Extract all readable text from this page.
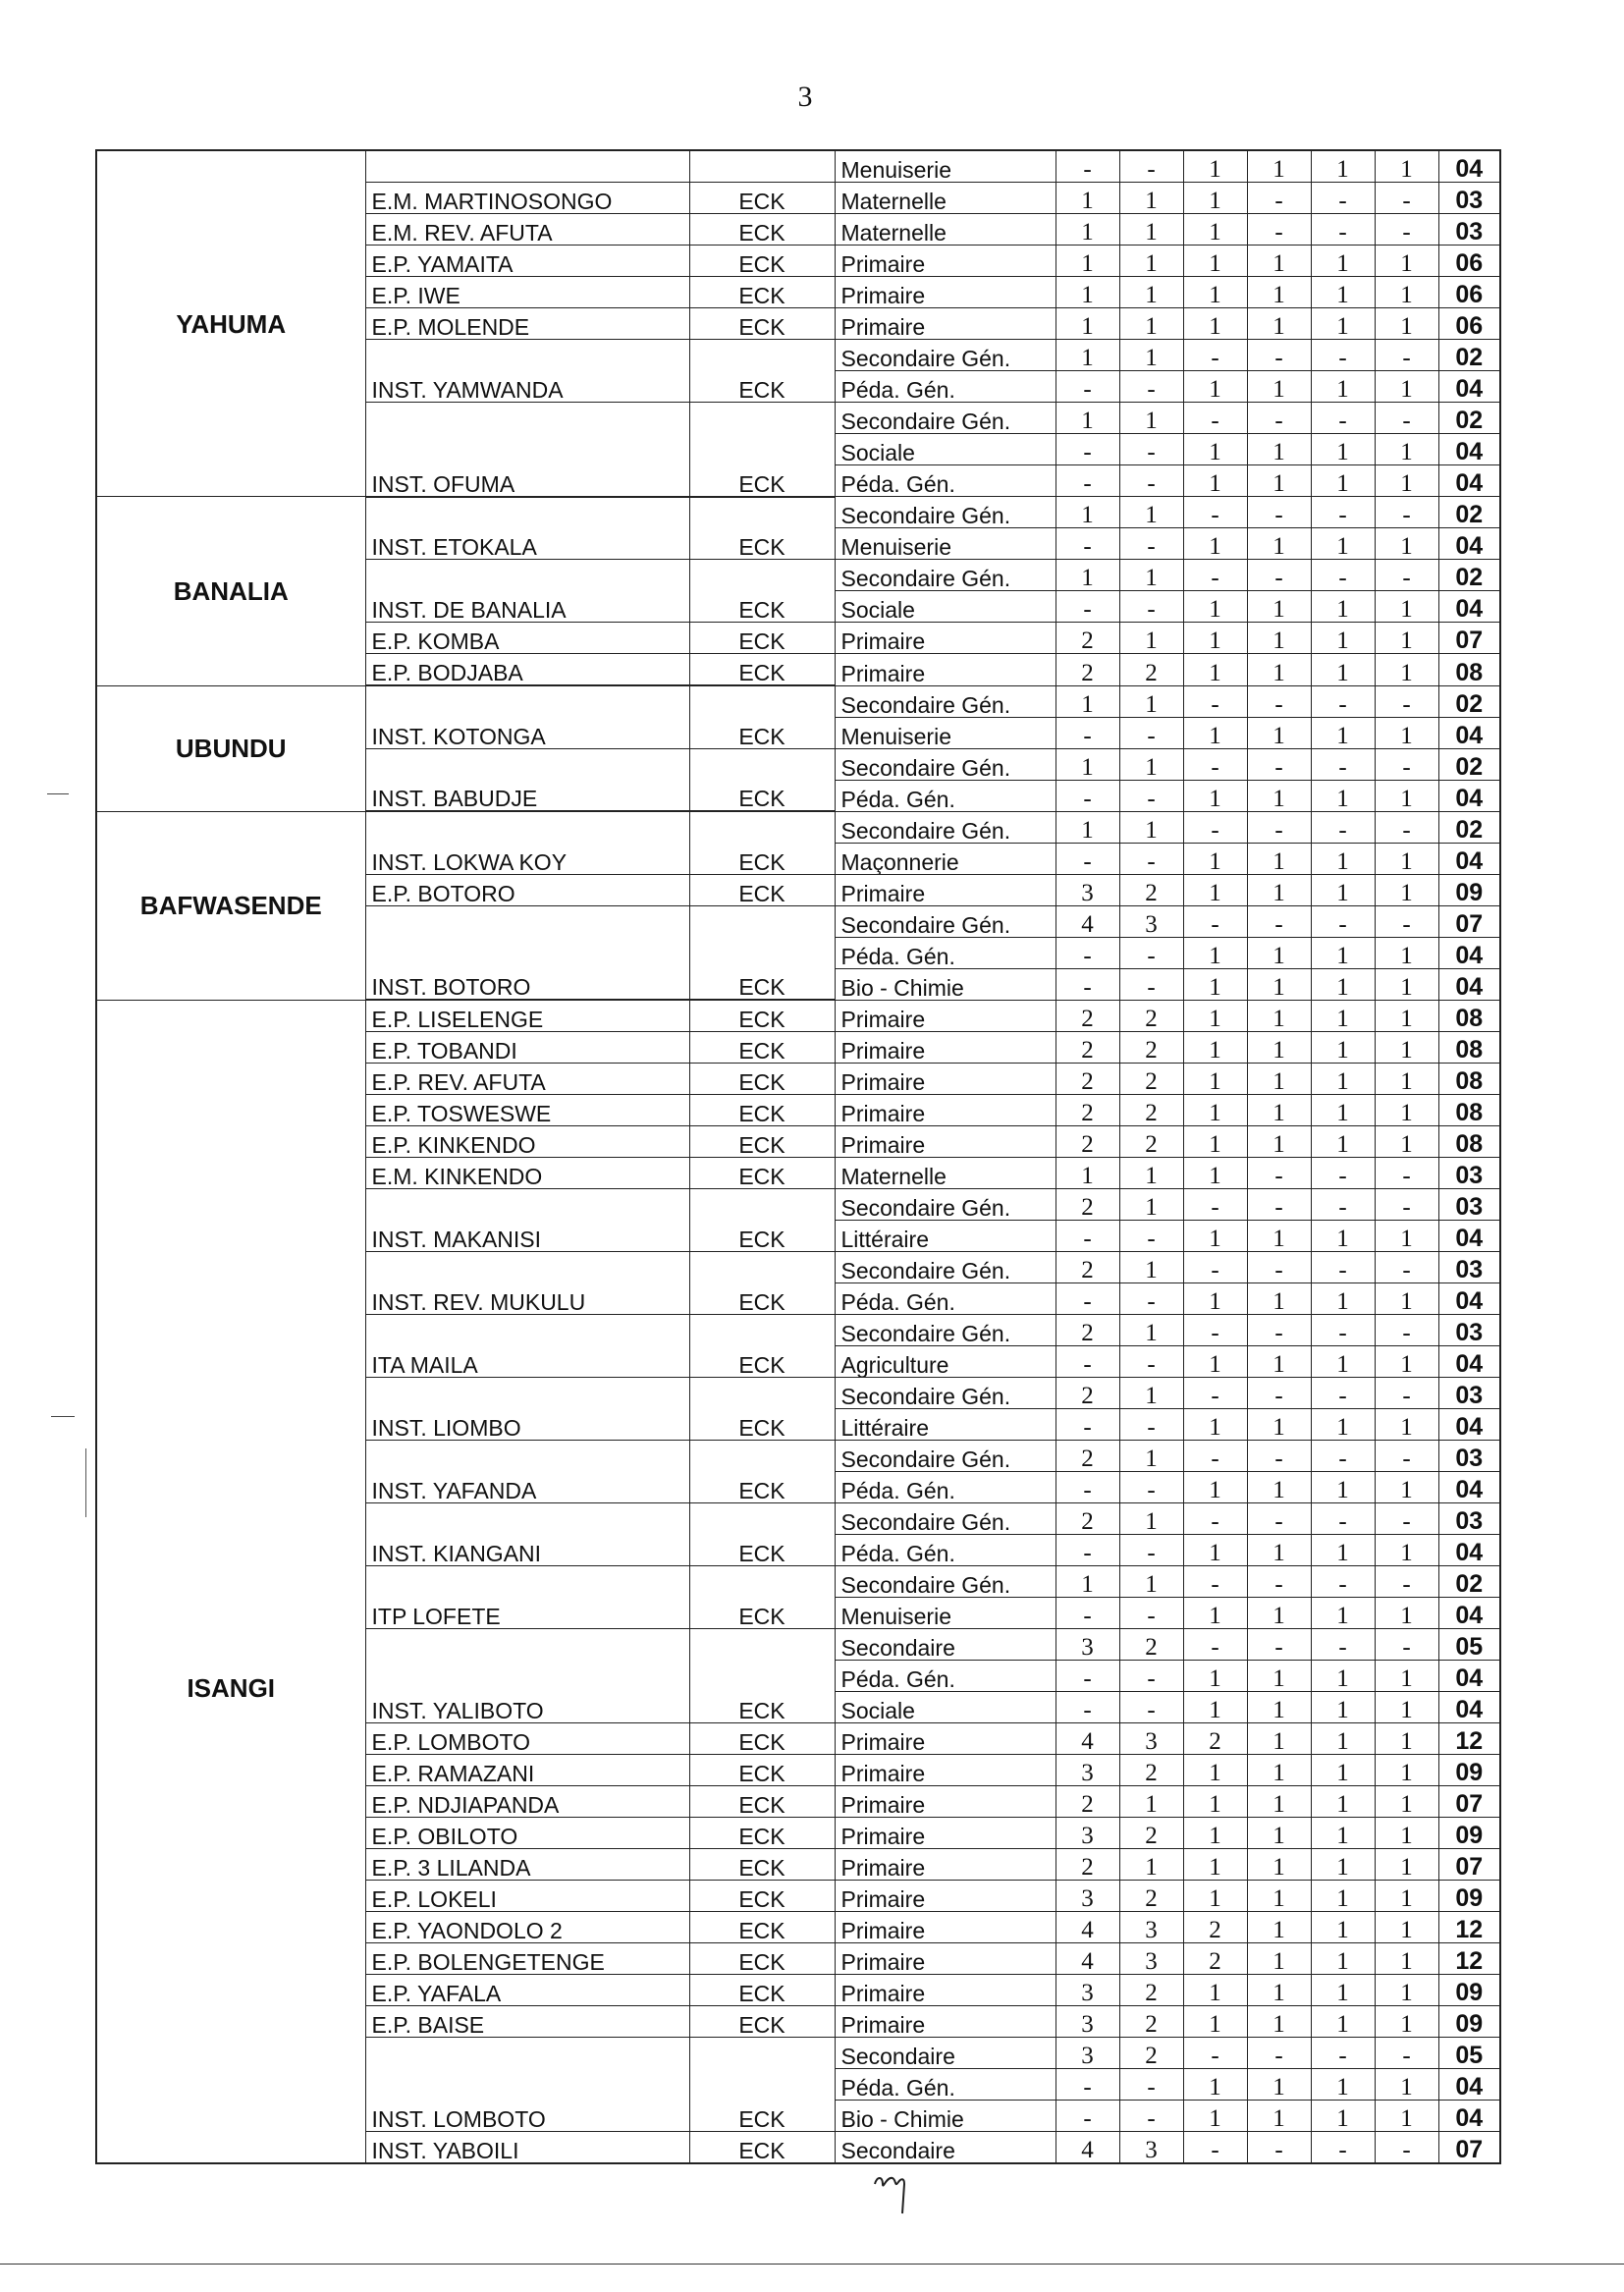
3
YAHUMA			Menuiserie	-	-	1	1	1	1	04
	E.M. MARTINOSONGO	ECK	Maternelle	1	1	1	-	-	-	03
	E.M. REV. AFUTA	ECK	Maternelle	1	1	1	-	-	-	03
	E.P. YAMAITA	ECK	Primaire	1	1	1	1	1	1	06
	E.P. IWE	ECK	Primaire	1	1	1	1	1	1	06
	E.P. MOLENDE	ECK	Primaire	1	1	1	1	1	1	06
	INST. YAMWANDA	ECK	Secondaire Gén.	1	1	-	-	-	-	02
			Péda. Gén.	-	-	1	1	1	1	04
	INST. OFUMA	ECK	Secondaire Gén.	1	1	-	-	-	-	02
			Sociale	-	-	1	1	1	1	04
			Péda. Gén.	-	-	1	1	1	1	04
BANALIA	INST. ETOKALA	ECK	Secondaire Gén.	1	1	-	-	-	-	02
			Menuiserie	-	-	1	1	1	1	04
	INST. DE BANALIA	ECK	Secondaire Gén.	1	1	-	-	-	-	02
			Sociale	-	-	1	1	1	1	04
	E.P. KOMBA	ECK	Primaire	2	1	1	1	1	1	07
	E.P. BODJABA	ECK	Primaire	2	2	1	1	1	1	08
UBUNDU	INST. KOTONGA	ECK	Secondaire Gén.	1	1	-	-	-	-	02
			Menuiserie	-	-	1	1	1	1	04
	INST. BABUDJE	ECK	Secondaire Gén.	1	1	-	-	-	-	02
			Péda. Gén.	-	-	1	1	1	1	04
BAFWASENDE	INST. LOKWA KOY	ECK	Secondaire Gén.	1	1	-	-	-	-	02
			Maçonnerie	-	-	1	1	1	1	04
	E.P. BOTORO	ECK	Primaire	3	2	1	1	1	1	09
	INST. BOTORO	ECK	Secondaire Gén.	4	3	-	-	-	-	07
			Péda. Gén.	-	-	1	1	1	1	04
			Bio - Chimie	-	-	1	1	1	1	04
ISANGI	E.P. LISELENGE	ECK	Primaire	2	2	1	1	1	1	08
	E.P. TOBANDI	ECK	Primaire	2	2	1	1	1	1	08
	E.P. REV. AFUTA	ECK	Primaire	2	2	1	1	1	1	08
	E.P. TOSWESWE	ECK	Primaire	2	2	1	1	1	1	08
	E.P. KINKENDO	ECK	Primaire	2	2	1	1	1	1	08
	E.M. KINKENDO	ECK	Maternelle	1	1	1	-	-	-	03
	INST. MAKANISI	ECK	Secondaire Gén.	2	1	-	-	-	-	03
			Littéraire	-	-	1	1	1	1	04
	INST. REV. MUKULU	ECK	Secondaire Gén.	2	1	-	-	-	-	03
			Péda. Gén.	-	-	1	1	1	1	04
	ITA MAILA	ECK	Secondaire Gén.	2	1	-	-	-	-	03
			Agriculture	-	-	1	1	1	1	04
	INST. LIOMBO	ECK	Secondaire Gén.	2	1	-	-	-	-	03
			Littéraire	-	-	1	1	1	1	04
	INST. YAFANDA	ECK	Secondaire Gén.	2	1	-	-	-	-	03
			Péda. Gén.	-	-	1	1	1	1	04
	INST. KIANGANI	ECK	Secondaire Gén.	2	1	-	-	-	-	03
			Péda. Gén.	-	-	1	1	1	1	04
	ITP LOFETE	ECK	Secondaire Gén.	1	1	-	-	-	-	02
			Menuiserie	-	-	1	1	1	1	04
	INST. YALIBOTO	ECK	Secondaire	3	2	-	-	-	-	05
			Péda. Gén.	-	-	1	1	1	1	04
			Sociale	-	-	1	1	1	1	04
	E.P. LOMBOTO	ECK	Primaire	4	3	2	1	1	1	12
	E.P. RAMAZANI	ECK	Primaire	3	2	1	1	1	1	09
	E.P. NDJIAPANDA	ECK	Primaire	2	1	1	1	1	1	07
	E.P. OBILOTO	ECK	Primaire	3	2	1	1	1	1	09
	E.P. 3 LILANDA	ECK	Primaire	2	1	1	1	1	1	07
	E.P. LOKELI	ECK	Primaire	3	2	1	1	1	1	09
	E.P. YAONDOLO 2	ECK	Primaire	4	3	2	1	1	1	12
	E.P. BOLENGETENGE	ECK	Primaire	4	3	2	1	1	1	12
	E.P. YAFALA	ECK	Primaire	3	2	1	1	1	1	09
	E.P. BAISE	ECK	Primaire	3	2	1	1	1	1	09
	INST. LOMBOTO	ECK	Secondaire	3	2	-	-	-	-	05
			Péda. Gén.	-	-	1	1	1	1	04
			Bio - Chimie	-	-	1	1	1	1	04
	INST. YABOILI	ECK	Secondaire	4	3	-	-	-	-	07
